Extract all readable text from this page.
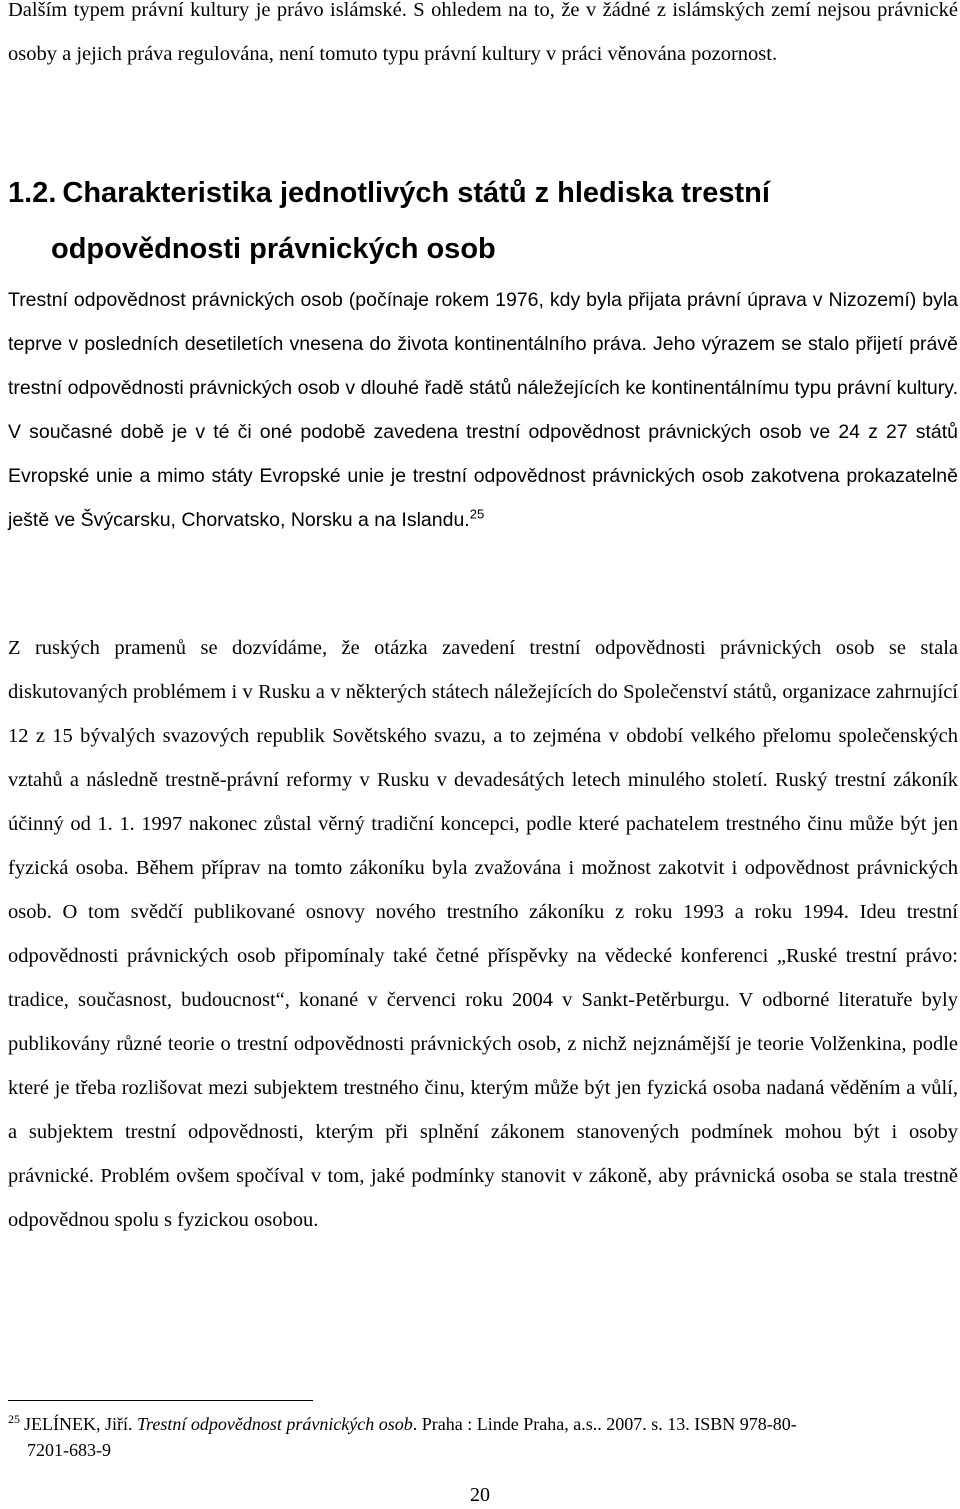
Dalším typem právní kultury je právo islámské. S ohledem na to, že v žádné z islámských zemí nejsou právnické osoby a jejich práva regulována, není tomuto typu právní kultury v práci věnována pozornost.

1.2. Charakteristika jednotlivých států z hlediska trestní
odpovědnosti právnických osob

Trestní odpovědnost právnických osob (počínaje rokem 1976, kdy byla přijata právní úprava v Nizozemí) byla teprve v posledních desetiletích vnesena do života kontinentálního práva. Jeho výrazem se stalo přijetí právě trestní odpovědnosti právnických osob v dlouhé řadě států náležejících ke kontinentálnímu typu právní kultury. V současné době je v té či oné podobě zavedena trestní odpovědnost právnických osob ve 24 z 27 států Evropské unie a mimo státy Evropské unie je trestní odpovědnost právnických osob zakotvena prokazatelně ještě ve Švýcarsku, Chorvatsko, Norsku a na Islandu.$^{25}$

Z ruských pramenů se dozvídáme, že otázka zavedení trestní odpovědnosti právnických osob se stala diskutovaných problémem i v Rusku a v některých státech náležejících do Společenství států, organizace zahrnující 12 z 15 bývalých svazových republik Sovětského svazu, a to zejména v období velkého přelomu společenských vztahů a následně trestně-právní reformy v Rusku v devadesátých letech minulého století. Ruský trestní zákoník účinný od 1. 1. 1997 nakonec zůstal věrný tradiční koncepci, podle které pachatelem trestného činu může být jen fyzická osoba. Během příprav na tomto zákoníku byla zvažována i možnost zakotvit i odpovědnost právnických osob. O tom svědčí publikované osnovy nového trestního zákoníku z roku 1993 a roku 1994. Ideu trestní odpovědnosti právnických osob připomínaly také četné příspěvky na vědecké konferenci „Ruské trestní právo: tradice, současnost, budoucnost“, konané v červenci roku 2004 v Sankt-Petěrburgu. V odborné literatuře byly publikovány různé teorie o trestní odpovědnosti právnických osob, z nichž nejznámější je teorie Volženkina, podle které je třeba rozlišovat mezi subjektem trestného činu, kterým může být jen fyzická osoba nadaná věděním a vůlí, a subjektem trestní odpovědnosti, kterým při splnění zákonem stanovených podmínek mohou být i osoby právnické. Problém ovšem spočíval v tom, jaké podmínky stanovit v zákoně, aby právnická osoba se stala trestně odpovědnou spolu s fyzickou osobou.

$^{25}$ JELÍNEK, Jiří. Trestní odpovědnost právnických osob. Praha : Linde Praha, a.s.. 2007. s. 13. ISBN 978-80-
7201-683-9

20
